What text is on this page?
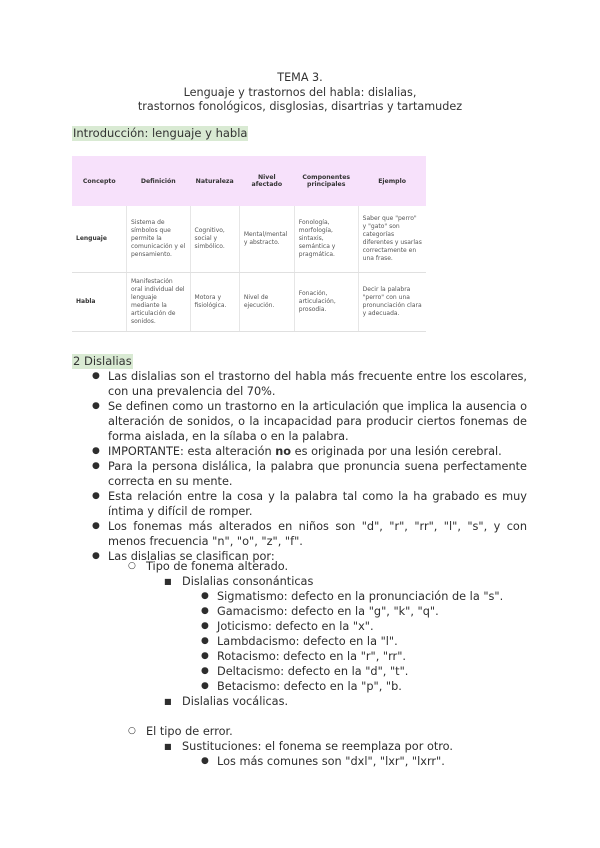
TEMA 3.
Lenguaje y trastornos del habla: dislalias,
trastornos fonológicos, disglosias, disartrias y tartamudez
Introducción: lenguaje y habla
Concepto	Definición	Naturaleza	Nivel afectado	Componentes principales	Ejemplo
Lenguaje	Sistema de símbolos que permite la comunicación y el pensamiento.	Cognitivo, social y simbólico.	Mental/mental y abstracto.	Fonología, morfología, sintaxis, semántica y pragmática.	Saber que "perro" y "gato" son categorías diferentes y usarlas correctamente en una frase.
Habla	Manifestación oral individual del lenguaje mediante la articulación de sonidos.	Motora y fisiológica.	Nivel de ejecución.	Fonación, articulación, prosodia.	Decir la palabra "perro" con una pronunciación clara y adecuada.
2 Dislalias
● Las dislalias son el trastorno del habla más frecuente entre los escolares, con una prevalencia del 70%.
● Se definen como un trastorno en la articulación que implica la ausencia o alteración de sonidos, o la incapacidad para producir ciertos fonemas de forma aislada, en la sílaba o en la palabra.
● IMPORTANTE: esta alteración no es originada por una lesión cerebral.
● Para la persona dislálica, la palabra que pronuncia suena perfectamente correcta en su mente.
● Esta relación entre la cosa y la palabra tal como la ha grabado es muy íntima y difícil de romper.
● Los fonemas más alterados en niños son "d", "r", "rr", "l", "s", y con menos frecuencia "n", "o", "z", "f".
● Las dislalias se clasifican por:
○ Tipo de fonema alterado.
■ Dislalias consonánticas
● Sigmatismo: defecto en la pronunciación de la "s".
● Gamacismo: defecto en la "g", "k", "q".
● Joticismo: defecto en la "x".
● Lambdacismo: defecto en la "l".
● Rotacismo: defecto en la "r", "rr".
● Deltacismo: defecto en la "d", "t".
● Betacismo: defecto en la "p", "b.
■ Dislalias vocálicas.
○ El tipo de error.
■ Sustituciones: el fonema se reemplaza por otro.
● Los más comunes son "dxl", "lxr", "lxrr".
